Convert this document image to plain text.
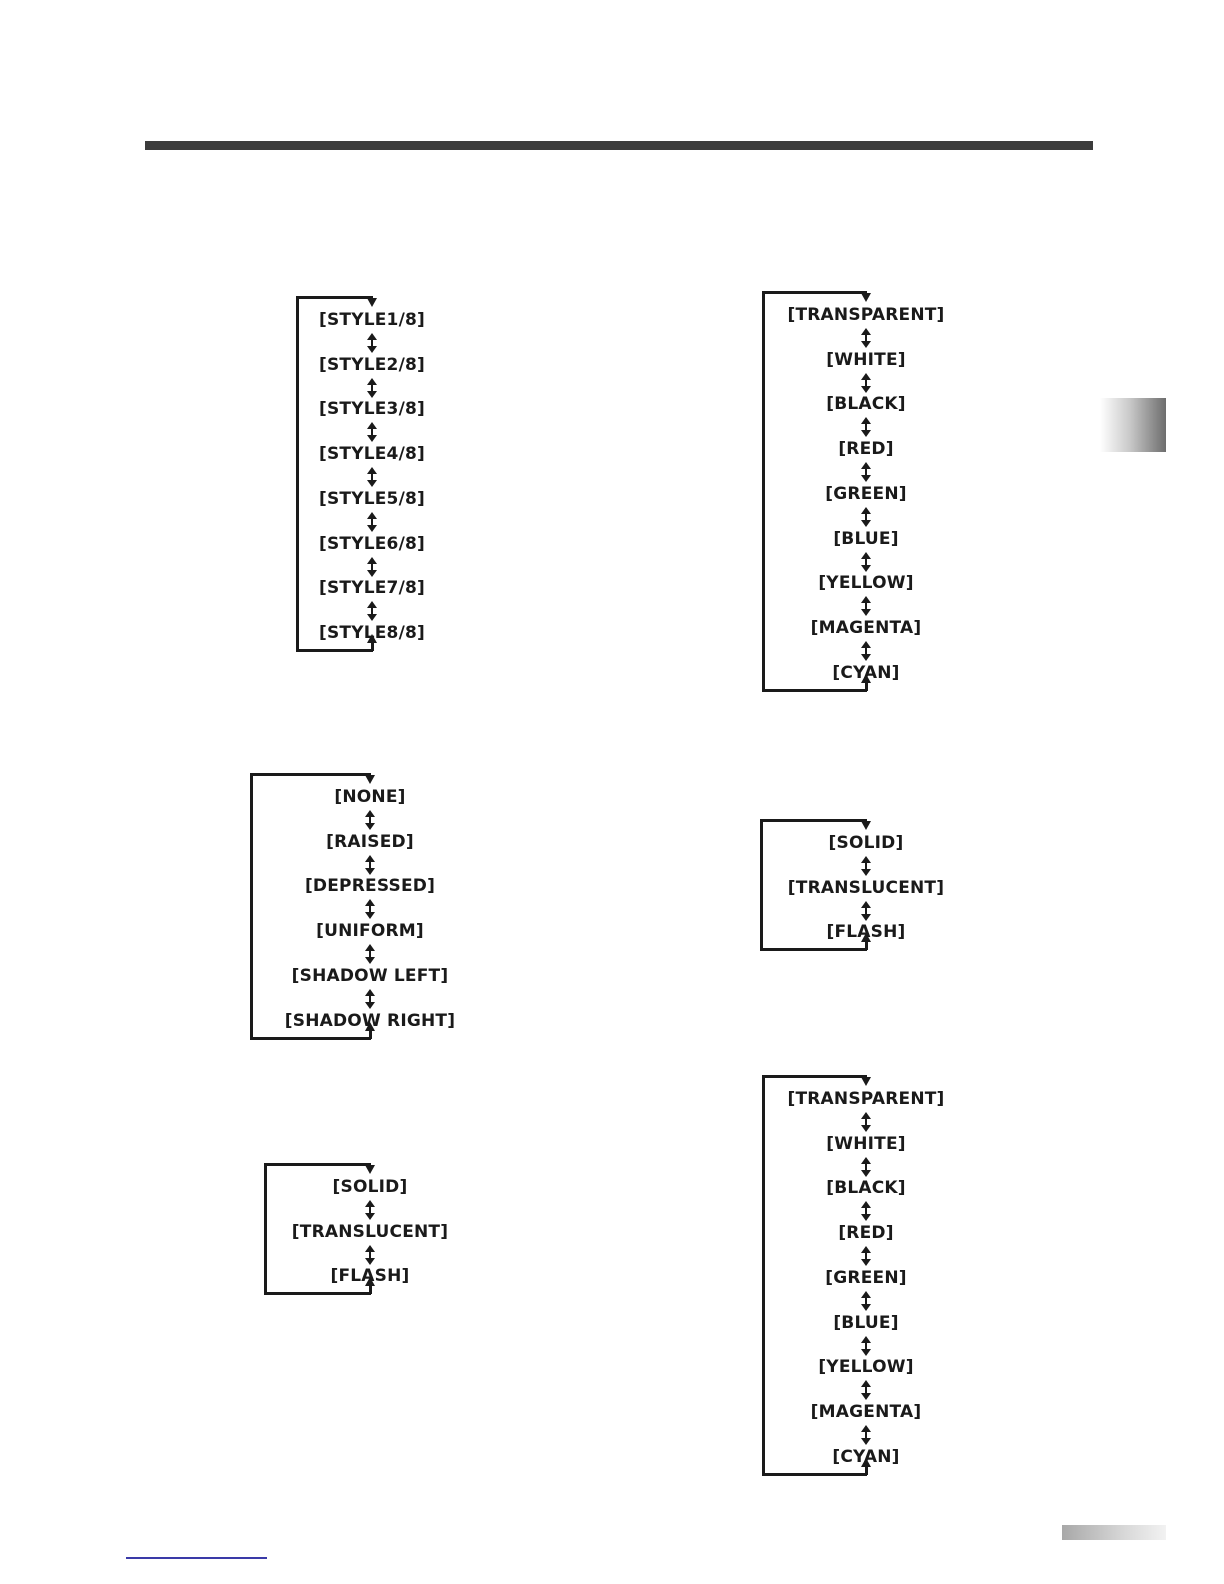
[STYLE1/8]
[STYLE2/8]
[STYLE3/8]
[STYLE4/8]
[STYLE5/8]
[STYLE6/8]
[STYLE7/8]
[STYLE8/8]
[NONE]
[RAISED]
[DEPRESSED]
[UNIFORM]
[SHADOW LEFT]
[SHADOW RIGHT]
[SOLID]
[TRANSLUCENT]
[FLASH]
[TRANSPARENT]
[WHITE]
[BLACK]
[RED]
[GREEN]
[BLUE]
[YELLOW]
[MAGENTA]
[CYAN]
[SOLID]
[TRANSLUCENT]
[FLASH]
[TRANSPARENT]
[WHITE]
[BLACK]
[RED]
[GREEN]
[BLUE]
[YELLOW]
[MAGENTA]
[CYAN]
